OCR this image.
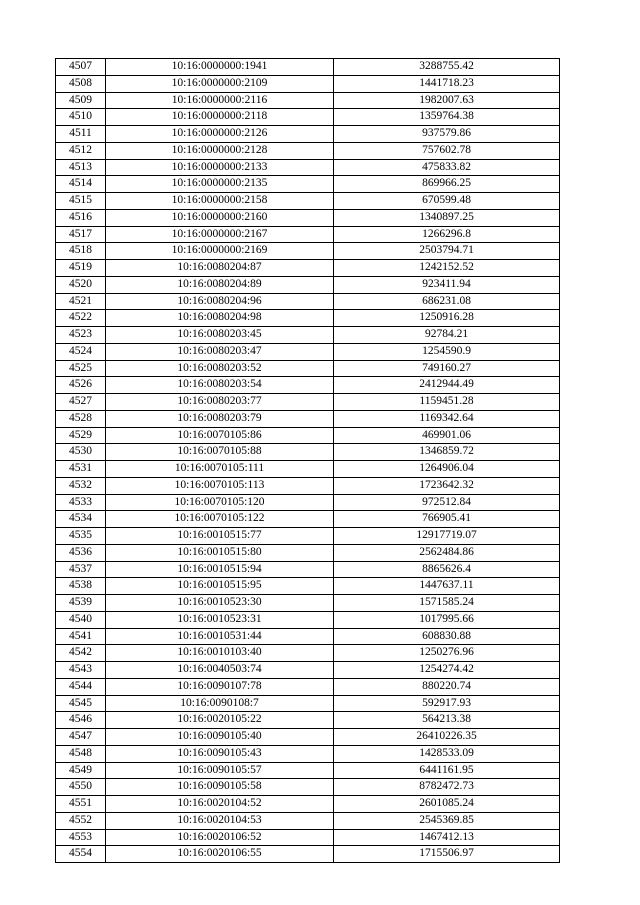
4507	10:16:0000000:1941	3288755.42
4508	10:16:0000000:2109	1441718.23
4509	10:16:0000000:2116	1982007.63
4510	10:16:0000000:2118	1359764.38
4511	10:16:0000000:2126	937579.86
4512	10:16:0000000:2128	757602.78
4513	10:16:0000000:2133	475833.82
4514	10:16:0000000:2135	869966.25
4515	10:16:0000000:2158	670599.48
4516	10:16:0000000:2160	1340897.25
4517	10:16:0000000:2167	1266296.8
4518	10:16:0000000:2169	2503794.71
4519	10:16:0080204:87	1242152.52
4520	10:16:0080204:89	923411.94
4521	10:16:0080204:96	686231.08
4522	10:16:0080204:98	1250916.28
4523	10:16:0080203:45	92784.21
4524	10:16:0080203:47	1254590.9
4525	10:16:0080203:52	749160.27
4526	10:16:0080203:54	2412944.49
4527	10:16:0080203:77	1159451.28
4528	10:16:0080203:79	1169342.64
4529	10:16:0070105:86	469901.06
4530	10:16:0070105:88	1346859.72
4531	10:16:0070105:111	1264906.04
4532	10:16:0070105:113	1723642.32
4533	10:16:0070105:120	972512.84
4534	10:16:0070105:122	766905.41
4535	10:16:0010515:77	12917719.07
4536	10:16:0010515:80	2562484.86
4537	10:16:0010515:94	8865626.4
4538	10:16:0010515:95	1447637.11
4539	10:16:0010523:30	1571585.24
4540	10:16:0010523:31	1017995.66
4541	10:16:0010531:44	608830.88
4542	10:16:0010103:40	1250276.96
4543	10:16:0040503:74	1254274.42
4544	10:16:0090107:78	880220.74
4545	10:16:0090108:7	592917.93
4546	10:16:0020105:22	564213.38
4547	10:16:0090105:40	26410226.35
4548	10:16:0090105:43	1428533.09
4549	10:16:0090105:57	6441161.95
4550	10:16:0090105:58	8782472.73
4551	10:16:0020104:52	2601085.24
4552	10:16:0020104:53	2545369.85
4553	10:16:0020106:52	1467412.13
4554	10:16:0020106:55	1715506.97
